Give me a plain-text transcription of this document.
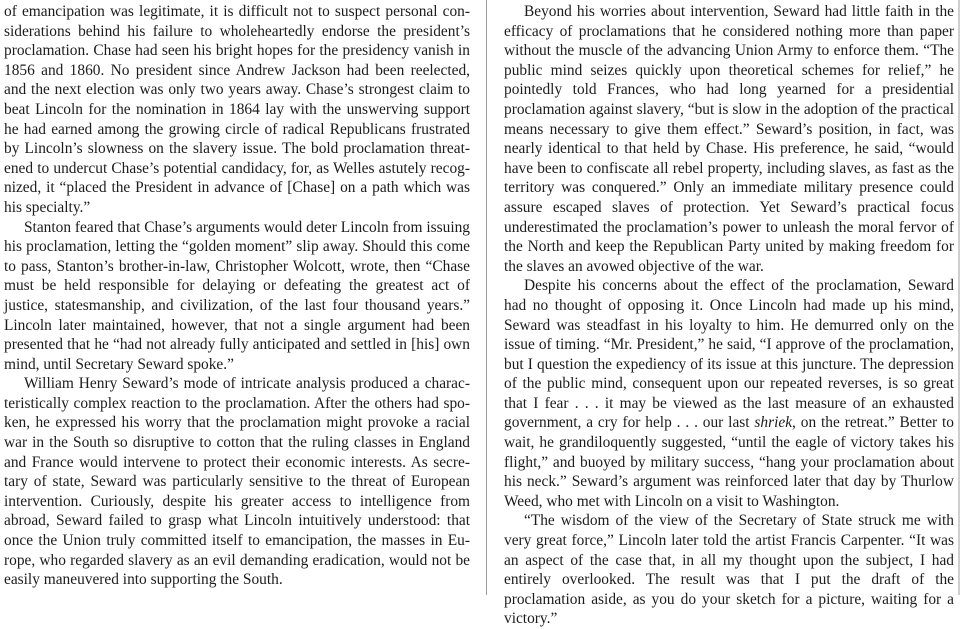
of emancipation was legitimate, it is difficult not to suspect personal considerations behind his failure to wholeheartedly endorse the president’s proclamation. Chase had seen his bright hopes for the presidency vanish in 1856 and 1860. No president since Andrew Jackson had been reelected, and the next election was only two years away. Chase’s strongest claim to beat Lincoln for the nomination in 1864 lay with the unswerving support he had earned among the growing circle of radical Republicans frustrated by Lincoln’s slowness on the slavery issue. The bold proclamation threatened to undercut Chase’s potential candidacy, for, as Welles astutely recognized, it “placed the President in advance of [Chase] on a path which was his specialty.”

Stanton feared that Chase’s arguments would deter Lincoln from issuing his proclamation, letting the “golden moment” slip away. Should this come to pass, Stanton’s brother-in-law, Christopher Wolcott, wrote, then “Chase must be held responsible for delaying or defeating the greatest act of justice, statesmanship, and civilization, of the last four thousand years.” Lincoln later maintained, however, that not a single argument had been presented that he “had not already fully anticipated and settled in [his] own mind, until Secretary Seward spoke.”

William Henry Seward’s mode of intricate analysis produced a characteristically complex reaction to the proclamation. After the others had spoken, he expressed his worry that the proclamation might provoke a racial war in the South so disruptive to cotton that the ruling classes in England and France would intervene to protect their economic interests. As secretary of state, Seward was particularly sensitive to the threat of European intervention. Curiously, despite his greater access to intelligence from abroad, Seward failed to grasp what Lincoln intuitively understood: that once the Union truly committed itself to emancipation, the masses in Europe, who regarded slavery as an evil demanding eradication, would not be easily maneuvered into supporting the South.

Beyond his worries about intervention, Seward had little faith in the efficacy of proclamations that he considered nothing more than paper without the muscle of the advancing Union Army to enforce them. “The public mind seizes quickly upon theoretical schemes for relief,” he pointedly told Frances, who had long yearned for a presidential proclamation against slavery, “but is slow in the adoption of the practical means necessary to give them effect.” Seward’s position, in fact, was nearly identical to that held by Chase. His preference, he said, “would have been to confiscate all rebel property, including slaves, as fast as the territory was conquered.” Only an immediate military presence could assure escaped slaves of protection. Yet Seward’s practical focus underestimated the proclamation’s power to unleash the moral fervor of the North and keep the Republican Party united by making freedom for the slaves an avowed objective of the war.

Despite his concerns about the effect of the proclamation, Seward had no thought of opposing it. Once Lincoln had made up his mind, Seward was steadfast in his loyalty to him. He demurred only on the issue of timing. “Mr. President,” he said, “I approve of the proclamation, but I question the expediency of its issue at this juncture. The depression of the public mind, consequent upon our repeated reverses, is so great that I fear . . . it may be viewed as the last measure of an exhausted government, a cry for help . . . our last shriek, on the retreat.” Better to wait, he grandiloquently suggested, “until the eagle of victory takes his flight,” and buoyed by military success, “hang your proclamation about his neck.” Seward’s argument was reinforced later that day by Thurlow Weed, who met with Lincoln on a visit to Washington.

“The wisdom of the view of the Secretary of State struck me with very great force,” Lincoln later told the artist Francis Carpenter. “It was an aspect of the case that, in all my thought upon the subject, I had entirely overlooked. The result was that I put the draft of the proclamation aside, as you do your sketch for a picture, waiting for a victory.”
